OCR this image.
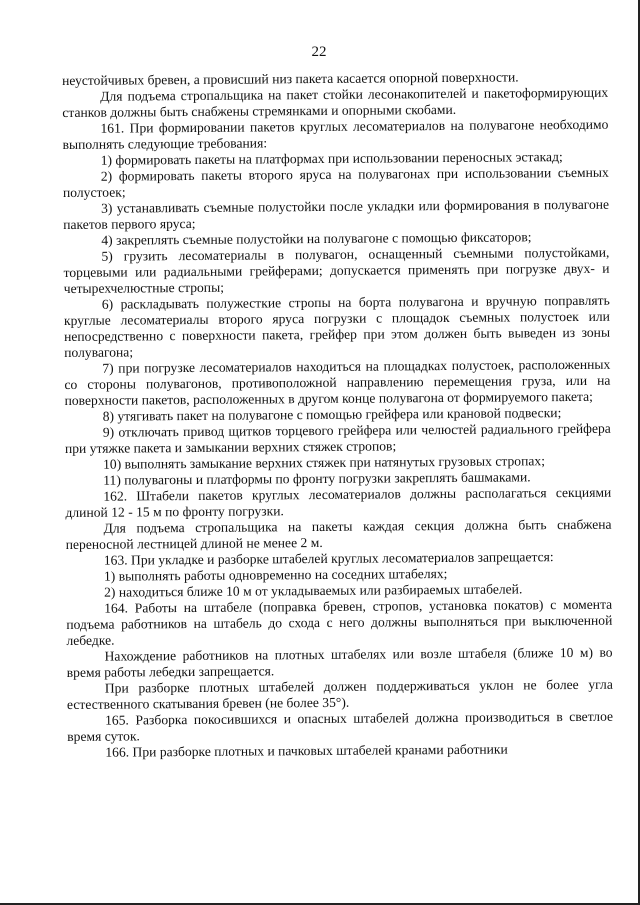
22

неустойчивых бревен, а провисший низ пакета касается опорной поверхности.

Для подъема стропальщика на пакет стойки лесонакопителей и пакетоформирующих станков должны быть снабжены стремянками и опорными скобами.

161. При формировании пакетов круглых лесоматериалов на полувагоне необходимо выполнять следующие требования:

1) формировать пакеты на платформах при использовании переносных эстакад;

2) формировать пакеты второго яруса на полувагонах при использовании съемных полустоек;

3) устанавливать съемные полустойки после укладки или формирования в полувагоне пакетов первого яруса;

4) закреплять съемные полустойки на полувагоне с помощью фиксаторов;

5) грузить лесоматериалы в полувагон, оснащенный съемными полустойками, торцевыми или радиальными грейферами; допускается применять при погрузке двух- и четырехчелюстные стропы;

6) раскладывать полужесткие стропы на борта полувагона и вручную поправлять круглые лесоматериалы второго яруса погрузки с площадок съемных полустоек или непосредственно с поверхности пакета, грейфер при этом должен быть выведен из зоны полувагона;

7) при погрузке лесоматериалов находиться на площадках полустоек, расположенных со стороны полувагонов, противоположной направлению перемещения груза, или на поверхности пакетов, расположенных в другом конце полувагона от формируемого пакета;

8) утягивать пакет на полувагоне с помощью грейфера или крановой подвески;

9) отключать привод щитков торцевого грейфера или челюстей радиального грейфера при утяжке пакета и замыкании верхних стяжек стропов;

10) выполнять замыкание верхних стяжек при натянутых грузовых стропах;

11) полувагоны и платформы по фронту погрузки закреплять башмаками.

162. Штабели пакетов круглых лесоматериалов должны располагаться секциями длиной 12 - 15 м по фронту погрузки.

Для подъема стропальщика на пакеты каждая секция должна быть снабжена переносной лестницей длиной не менее 2 м.

163. При укладке и разборке штабелей круглых лесоматериалов запрещается:

1) выполнять работы одновременно на соседних штабелях;

2) находиться ближе 10 м от укладываемых или разбираемых штабелей.

164. Работы на штабеле (поправка бревен, стропов, установка покатов) с момента подъема работников на штабель до схода с него должны выполняться при выключенной лебедке.

Нахождение работников на плотных штабелях или возле штабеля (ближе 10 м) во время работы лебедки запрещается.

При разборке плотных штабелей должен поддерживаться уклон не более угла естественного скатывания бревен (не более 35°).

165. Разборка покосившихся и опасных штабелей должна производиться в светлое время суток.

166. При разборке плотных и пачковых штабелей кранами работники
